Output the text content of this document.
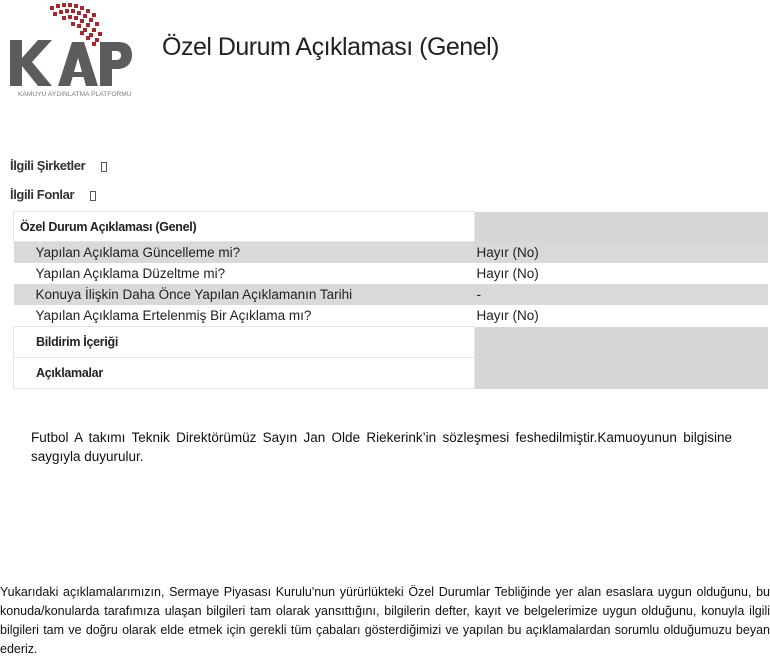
KAMUYU AYDINLATMA PLATFORMU
Özel Durum Açıklaması (Genel)
İlgili Şirketler
İlgili Fonlar
Özel Durum Açıklaması (Genel)	
Yapılan Açıklama Güncelleme mi?	Hayır (No)
Yapılan Açıklama Düzeltme mi?	Hayır (No)
Konuya İlişkin Daha Önce Yapılan Açıklamanın Tarihi	-
Yapılan Açıklama Ertelenmiş Bir Açıklama mı?	Hayır (No)
Bildirim İçeriği	
Açıklamalar	
Futbol A takımı Teknik Direktörümüz Sayın Jan Olde Riekerink’in sözleşmesi feshedilmiştir.Kamuoyunun bilgisine saygıyla duyurulur.
Yukarıdaki açıklamalarımızın, Sermaye Piyasası Kurulu'nun yürürlükteki Özel Durumlar Tebliğinde yer alan esaslara uygun olduğunu, bu konuda/konularda tarafımıza ulaşan bilgileri tam olarak yansıttığını, bilgilerin defter, kayıt ve belgelerimize uygun olduğunu, konuyla ilgili bilgileri tam ve doğru olarak elde etmek için gerekli tüm çabaları gösterdiğimizi ve yapılan bu açıklamalardan sorumlu olduğumuzu beyan ederiz.
